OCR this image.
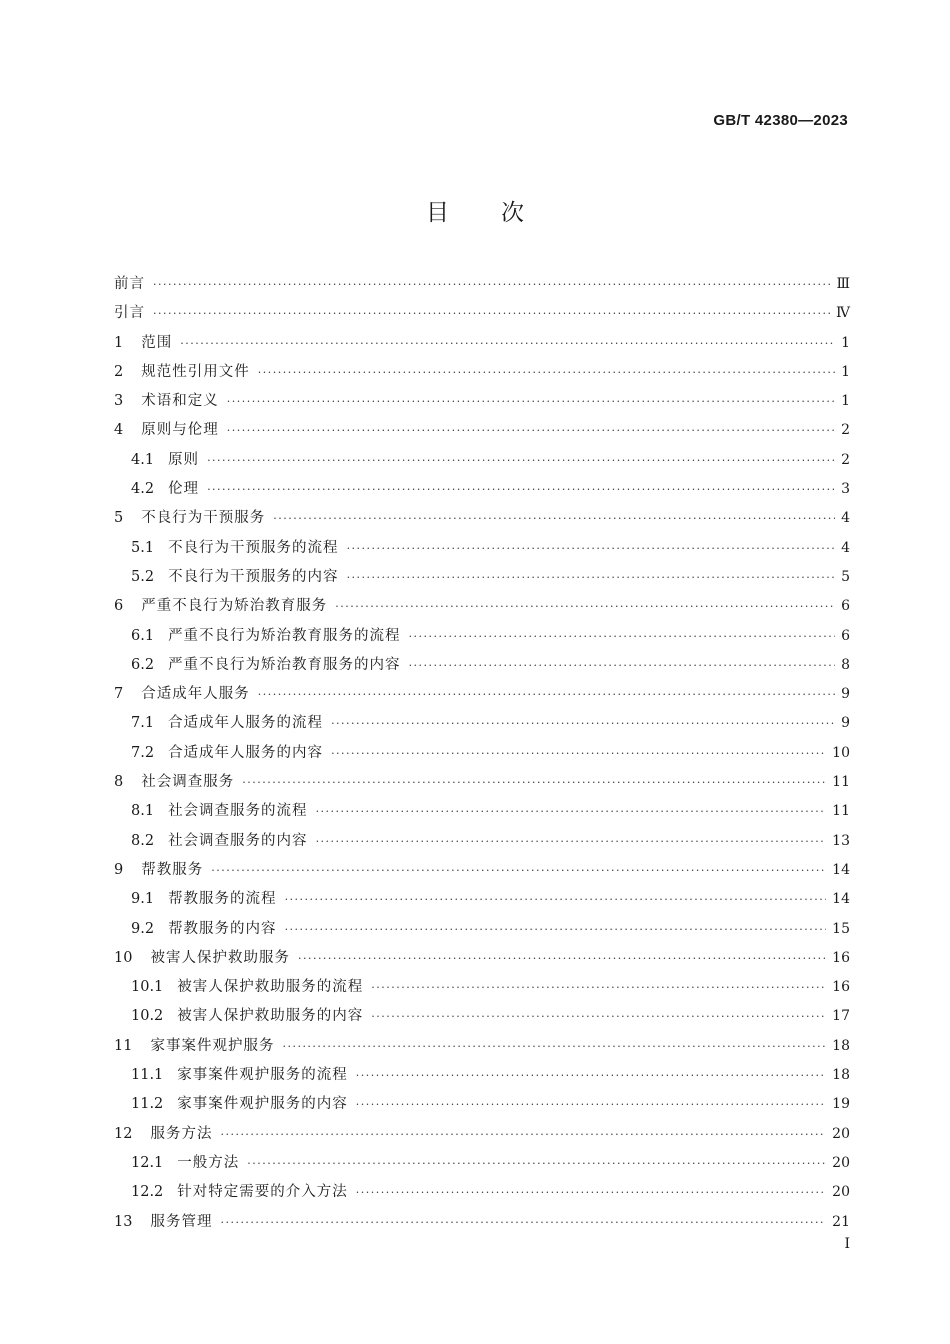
GB/T 42380—2023
目次
前言 ·····	Ⅲ
引言 ·····	Ⅳ
1 范围 ·····	1
2 规范性引用文件 ·····	1
3 术语和定义 ·····	1
4 原则与伦理 ·····	2
4.1 原则 ·····	2
4.2 伦理 ·····	3
5 不良行为干预服务 ·····	4
5.1 不良行为干预服务的流程 ·····	4
5.2 不良行为干预服务的内容 ·····	5
6 严重不良行为矫治教育服务 ·····	6
6.1 严重不良行为矫治教育服务的流程 ·····	6
6.2 严重不良行为矫治教育服务的内容 ·····	8
7 合适成年人服务 ·····	9
7.1 合适成年人服务的流程 ·····	9
7.2 合适成年人服务的内容 ·····	10
8 社会调查服务 ·····	11
8.1 社会调查服务的流程 ·····	11
8.2 社会调查服务的内容 ·····	13
9 帮教服务 ·····	14
9.1 帮教服务的流程 ·····	14
9.2 帮教服务的内容 ·····	15
10 被害人保护救助服务 ·····	16
10.1 被害人保护救助服务的流程 ·····	16
10.2 被害人保护救助服务的内容 ·····	17
11 家事案件观护服务 ·····	18
11.1 家事案件观护服务的流程 ·····	18
11.2 家事案件观护服务的内容 ·····	19
12 服务方法 ·····	20
12.1 一般方法 ·····	20
12.2 针对特定需要的介入方法 ·····	20
13 服务管理 ·····	21
I
